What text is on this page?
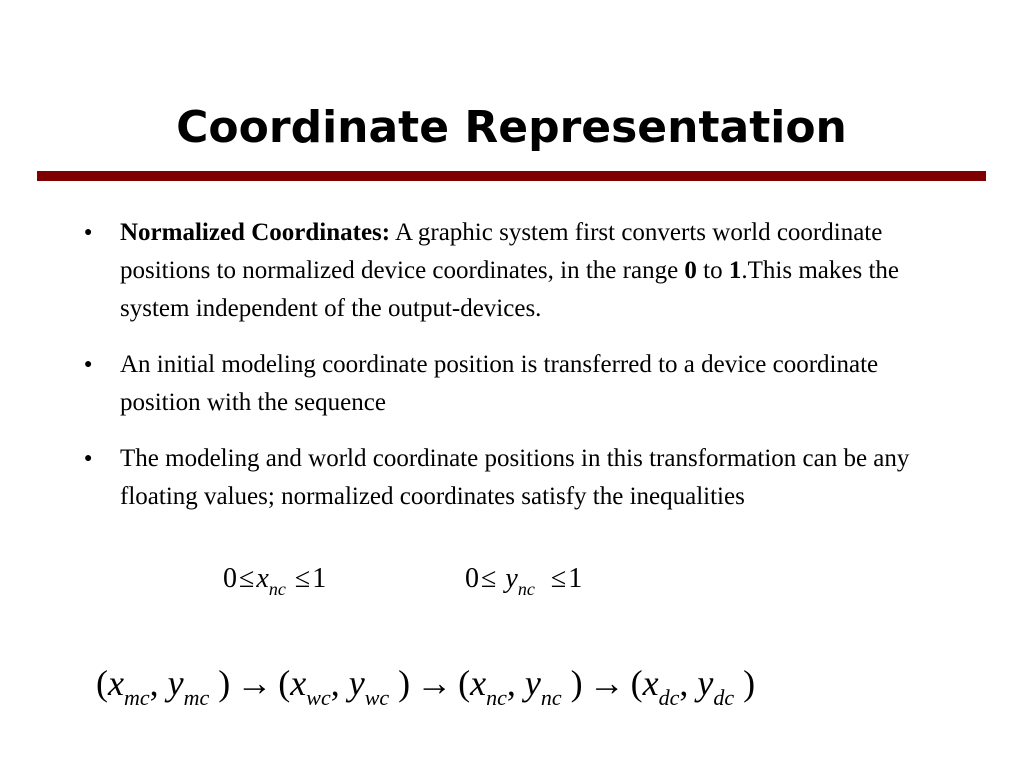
Coordinate Representation
● Normalized Coordinates: A graphic system first converts world coordinate positions to normalized device coordinates, in the range 0 to 1.This makes the system independent of the output-devices.
● An initial modeling coordinate position is transferred to a device coordinate position with the sequence
● The modeling and world coordinate positions in this transformation can be any floating values; normalized coordinates satisfy the inequalities
$0\le x_{nc} \le 1$	$0\le y_{nc} \le 1$
($x_{mc}$, $y_{mc}$ ) → ($x_{wc}$, $y_{wc}$ ) → ($x_{nc}$, $y_{nc}$ ) → ($x_{dc}$, $y_{dc}$ )
